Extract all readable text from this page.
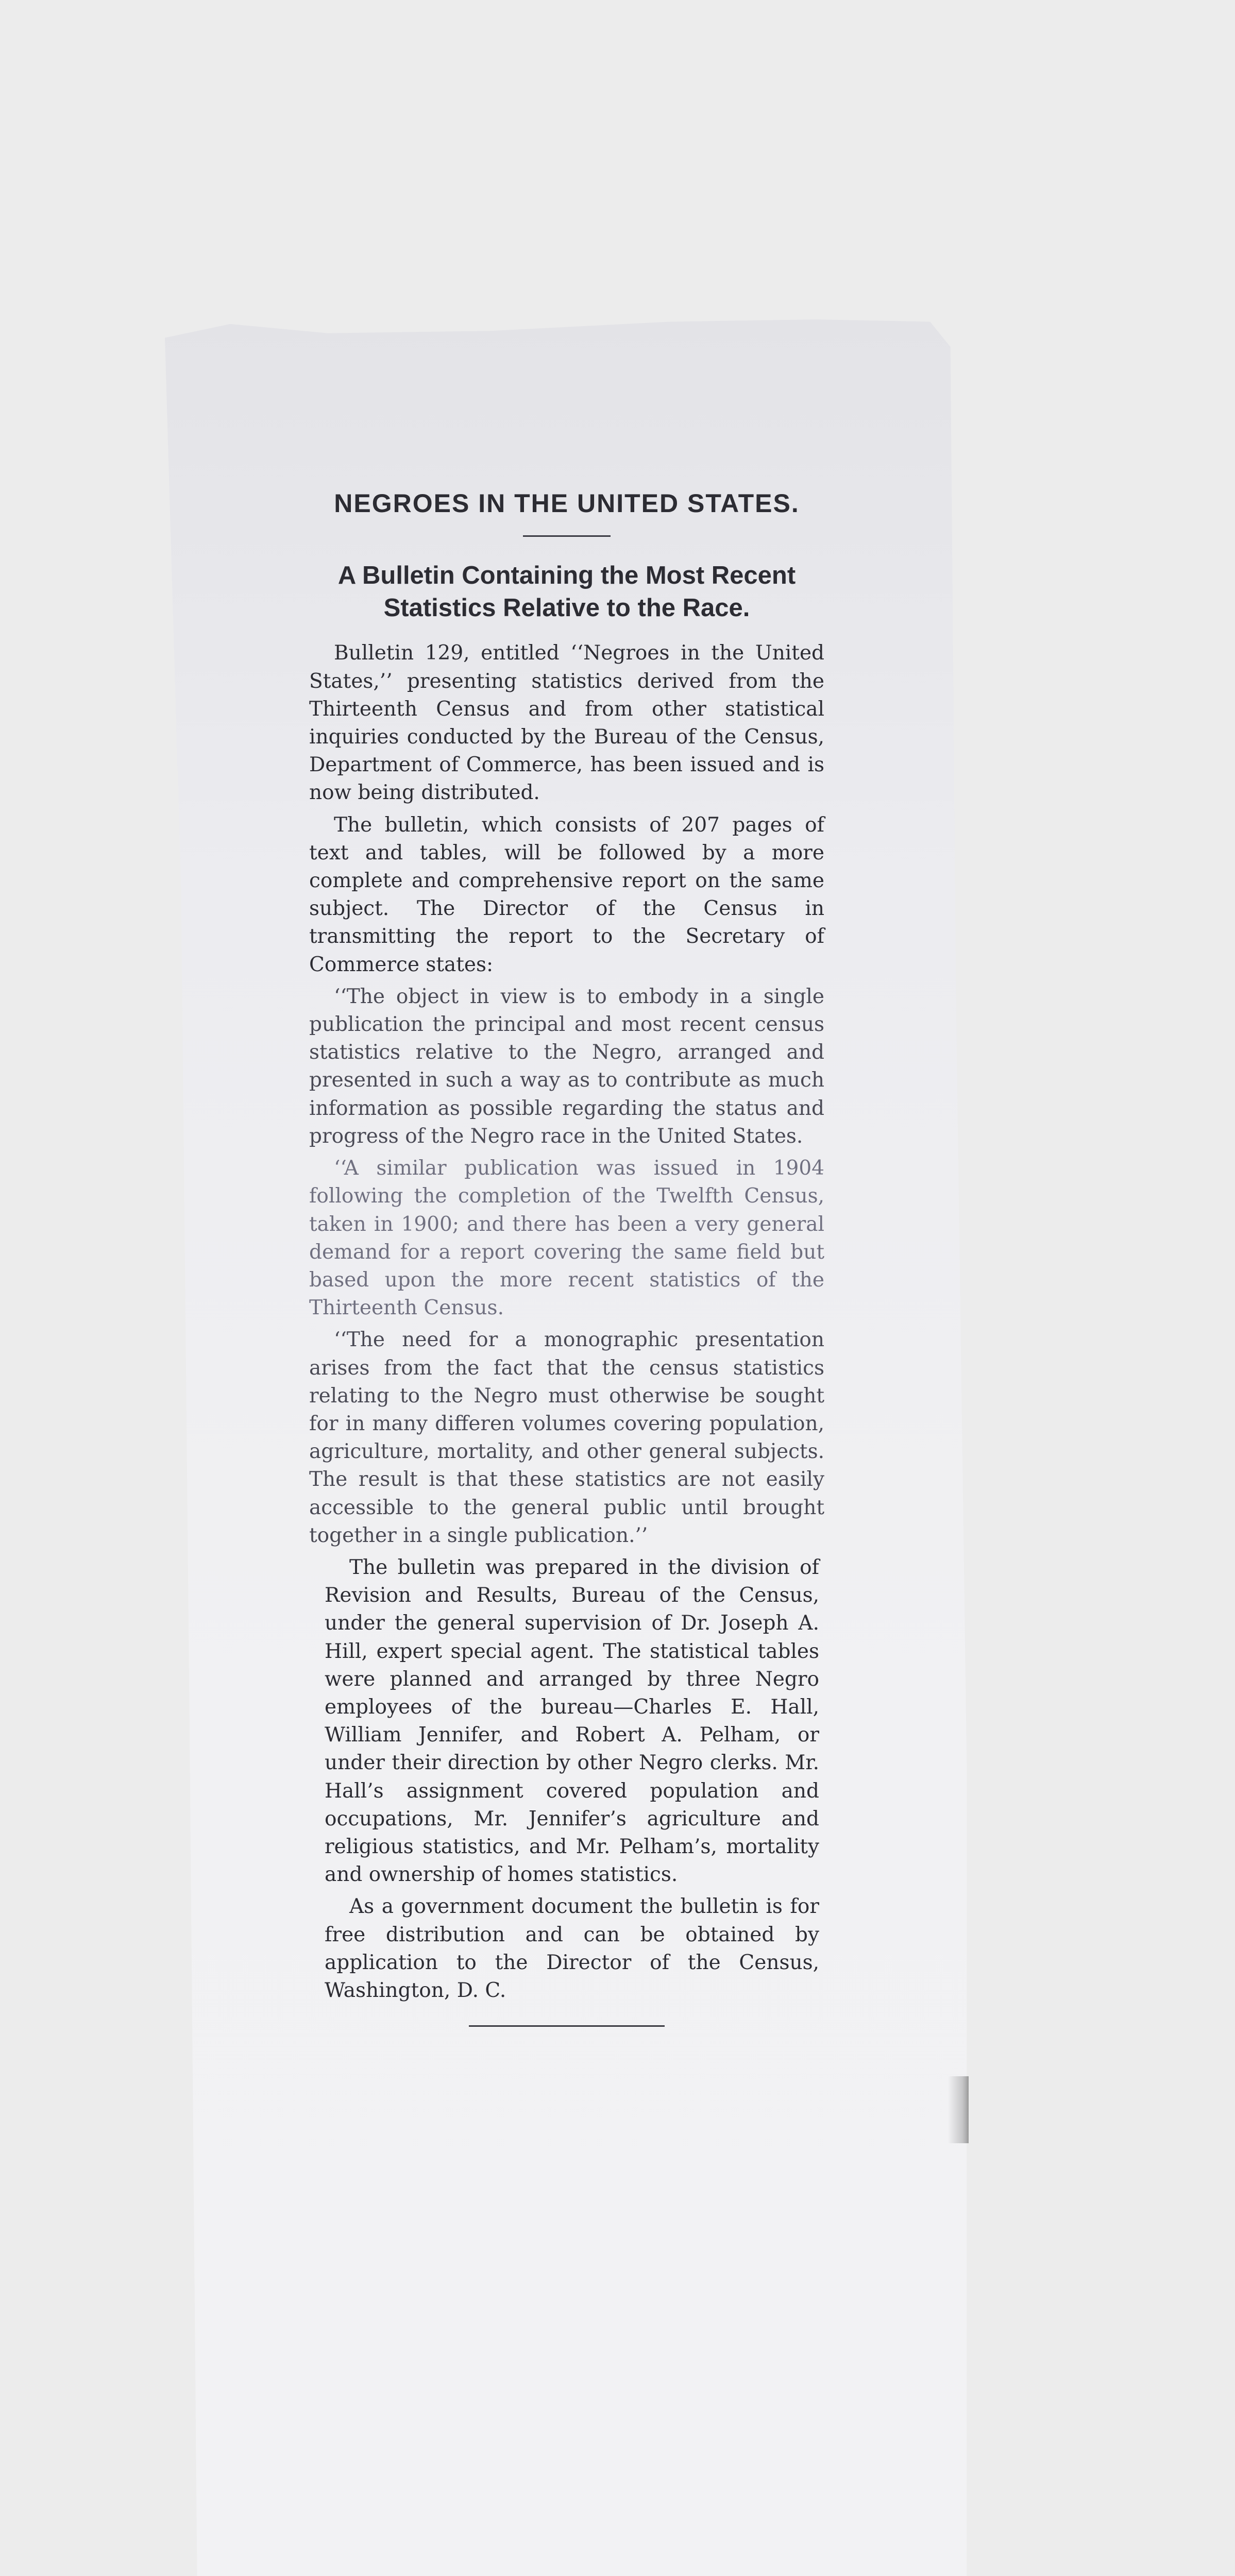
NEGROES IN THE UNITED STATES.
A Bulletin Containing the Most Recent Statistics Relative to the Race.

Bulletin 129, entitled ‘‘Negroes in the United States,’’ presenting statistics derived from the Thirteenth Census and from other statistical inquiries conducted by the Bureau of the Census, Department of Commerce, has been issued and is now being distributed.

The bulletin, which consists of 207 pages of text and tables, will be followed by a more complete and comprehensive report on the same subject. The Director of the Census in transmitting the report to the Secretary of Commerce states:

‘‘The object in view is to embody in a single publication the principal and most recent census statistics relative to the Negro, arranged and presented in such a way as to contribute as much information as possible regarding the status and progress of the Negro race in the United States.

‘‘A similar publication was issued in 1904 following the completion of the Twelfth Census, taken in 1900; and there has been a very general demand for a report covering the same field but based upon the more recent statistics of the Thirteenth Census.

‘‘The need for a monographic presentation arises from the fact that the census statistics relating to the Negro must otherwise be sought for in many differen volumes covering population, agriculture, mortality, and other general subjects. The result is that these statistics are not easily accessible to the general public until brought together in a single publication.’’

The bulletin was prepared in the division of Revision and Results, Bureau of the Census, under the general supervision of Dr. Joseph A. Hill, expert special agent. The statistical tables were planned and arranged by three Negro employees of the bureau—Charles E. Hall, William Jennifer, and Robert A. Pelham, or under their direction by other Negro clerks. Mr. Hall’s assignment covered population and occupations, Mr. Jennifer’s agriculture and religious statistics, and Mr. Pelham’s, mortality and ownership of homes statistics.

As a government document the bulletin is for free distribution and can be obtained by application to the Director of the Census, Washington, D. C.
